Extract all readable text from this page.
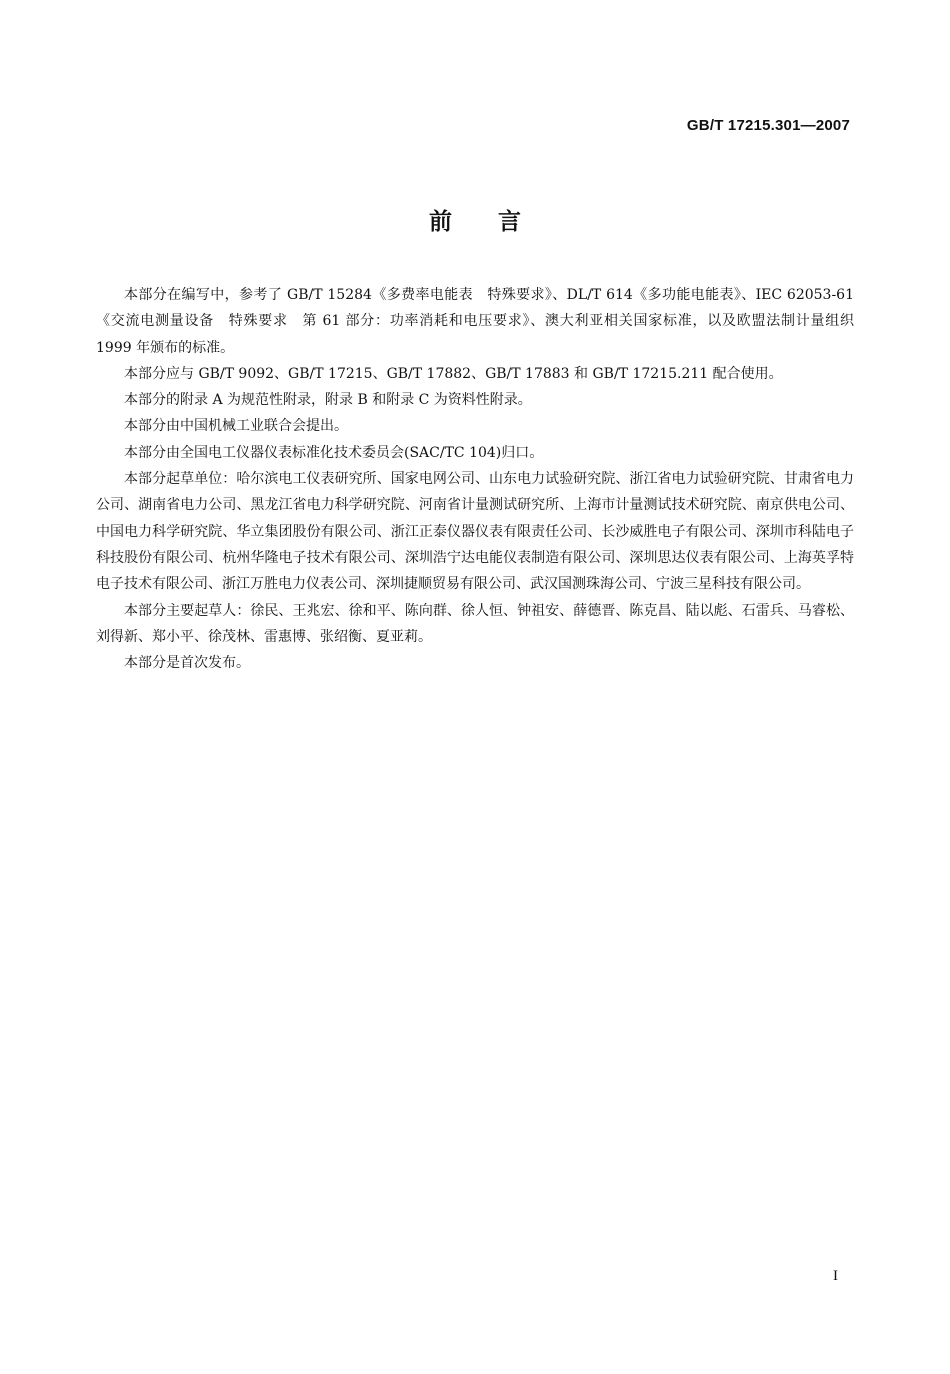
GB/T 17215.301—2007
前言

本部分在编写中，参考了 GB/T 15284《多费率电能表　特殊要求》、DL/T 614《多功能电能表》、IEC 62053-61《交流电测量设备　特殊要求　第 61 部分：功率消耗和电压要求》、澳大利亚相关国家标准，以及欧盟法制计量组织 1999 年颁布的标准。

本部分应与 GB/T 9092、GB/T 17215、GB/T 17882、GB/T 17883 和 GB/T 17215.211 配合使用。

本部分的附录 A 为规范性附录，附录 B 和附录 C 为资料性附录。

本部分由中国机械工业联合会提出。

本部分由全国电工仪器仪表标准化技术委员会(SAC/TC 104)归口。

本部分起草单位：哈尔滨电工仪表研究所、国家电网公司、山东电力试验研究院、浙江省电力试验研究院、甘肃省电力公司、湖南省电力公司、黑龙江省电力科学研究院、河南省计量测试研究所、上海市计量测试技术研究院、南京供电公司、中国电力科学研究院、华立集团股份有限公司、浙江正泰仪器仪表有限责任公司、长沙威胜电子有限公司、深圳市科陆电子科技股份有限公司、杭州华隆电子技术有限公司、深圳浩宁达电能仪表制造有限公司、深圳思达仪表有限公司、上海英孚特电子技术有限公司、浙江万胜电力仪表公司、深圳捷顺贸易有限公司、武汉国测珠海公司、宁波三星科技有限公司。

本部分主要起草人：徐民、王兆宏、徐和平、陈向群、徐人恒、钟祖安、薛德晋、陈克昌、陆以彪、石雷兵、马睿松、刘得新、郑小平、徐茂林、雷惠博、张绍衡、夏亚莉。

本部分是首次发布。

I
